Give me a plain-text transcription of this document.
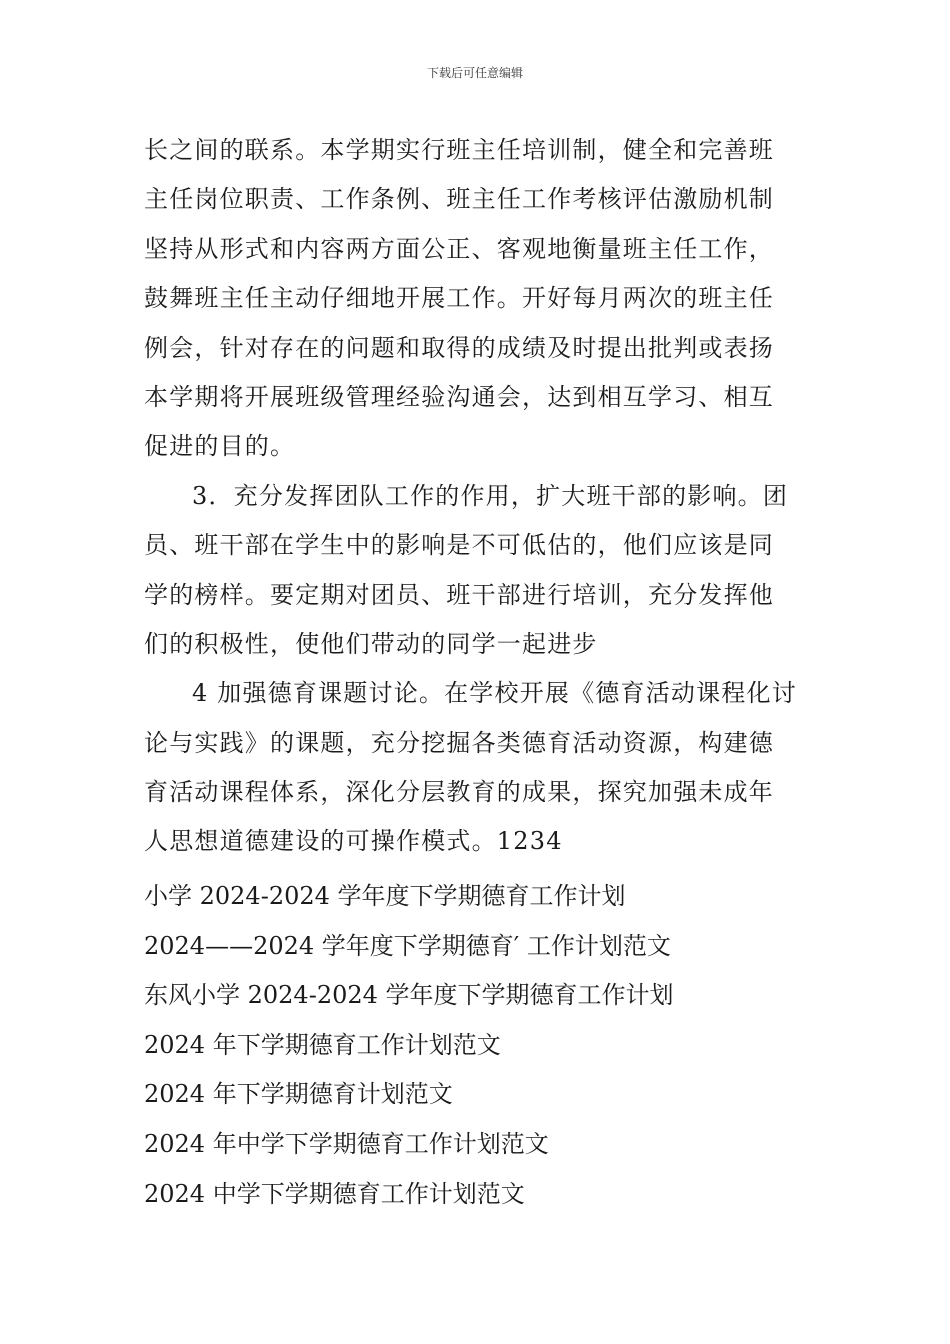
下载后可任意编辑
长之间的联系。本学期实行班主任培训制，健全和完善班
主任岗位职责、工作条例、班主任工作考核评估激励机制
坚持从形式和内容两方面公正、客观地衡量班主任工作，
鼓舞班主任主动仔细地开展工作。开好每月两次的班主任
例会，针对存在的问题和取得的成绩及时提出批判或表扬
本学期将开展班级管理经验沟通会，达到相互学习、相互
促进的目的。
3．充分发挥团队工作的作用，扩大班干部的影响。团
员、班干部在学生中的影响是不可低估的，他们应该是同
学的榜样。要定期对团员、班干部进行培训，充分发挥他
们的积极性，使他们带动的同学一起进步
4 加强德育课题讨论。在学校开展《德育活动课程化讨
论与实践》的课题，充分挖掘各类德育活动资源，构建德
育活动课程体系，深化分层教育的成果，探究加强未成年
人思想道德建设的可操作模式。1234
小学 2024-2024 学年度下学期德育工作计划
2024——2024 学年度下学期德育′ 工作计划范文
东风小学 2024-2024 学年度下学期德育工作计划
2024 年下学期德育工作计划范文
2024 年下学期德育计划范文
2024 年中学下学期德育工作计划范文
2024 中学下学期德育工作计划范文
